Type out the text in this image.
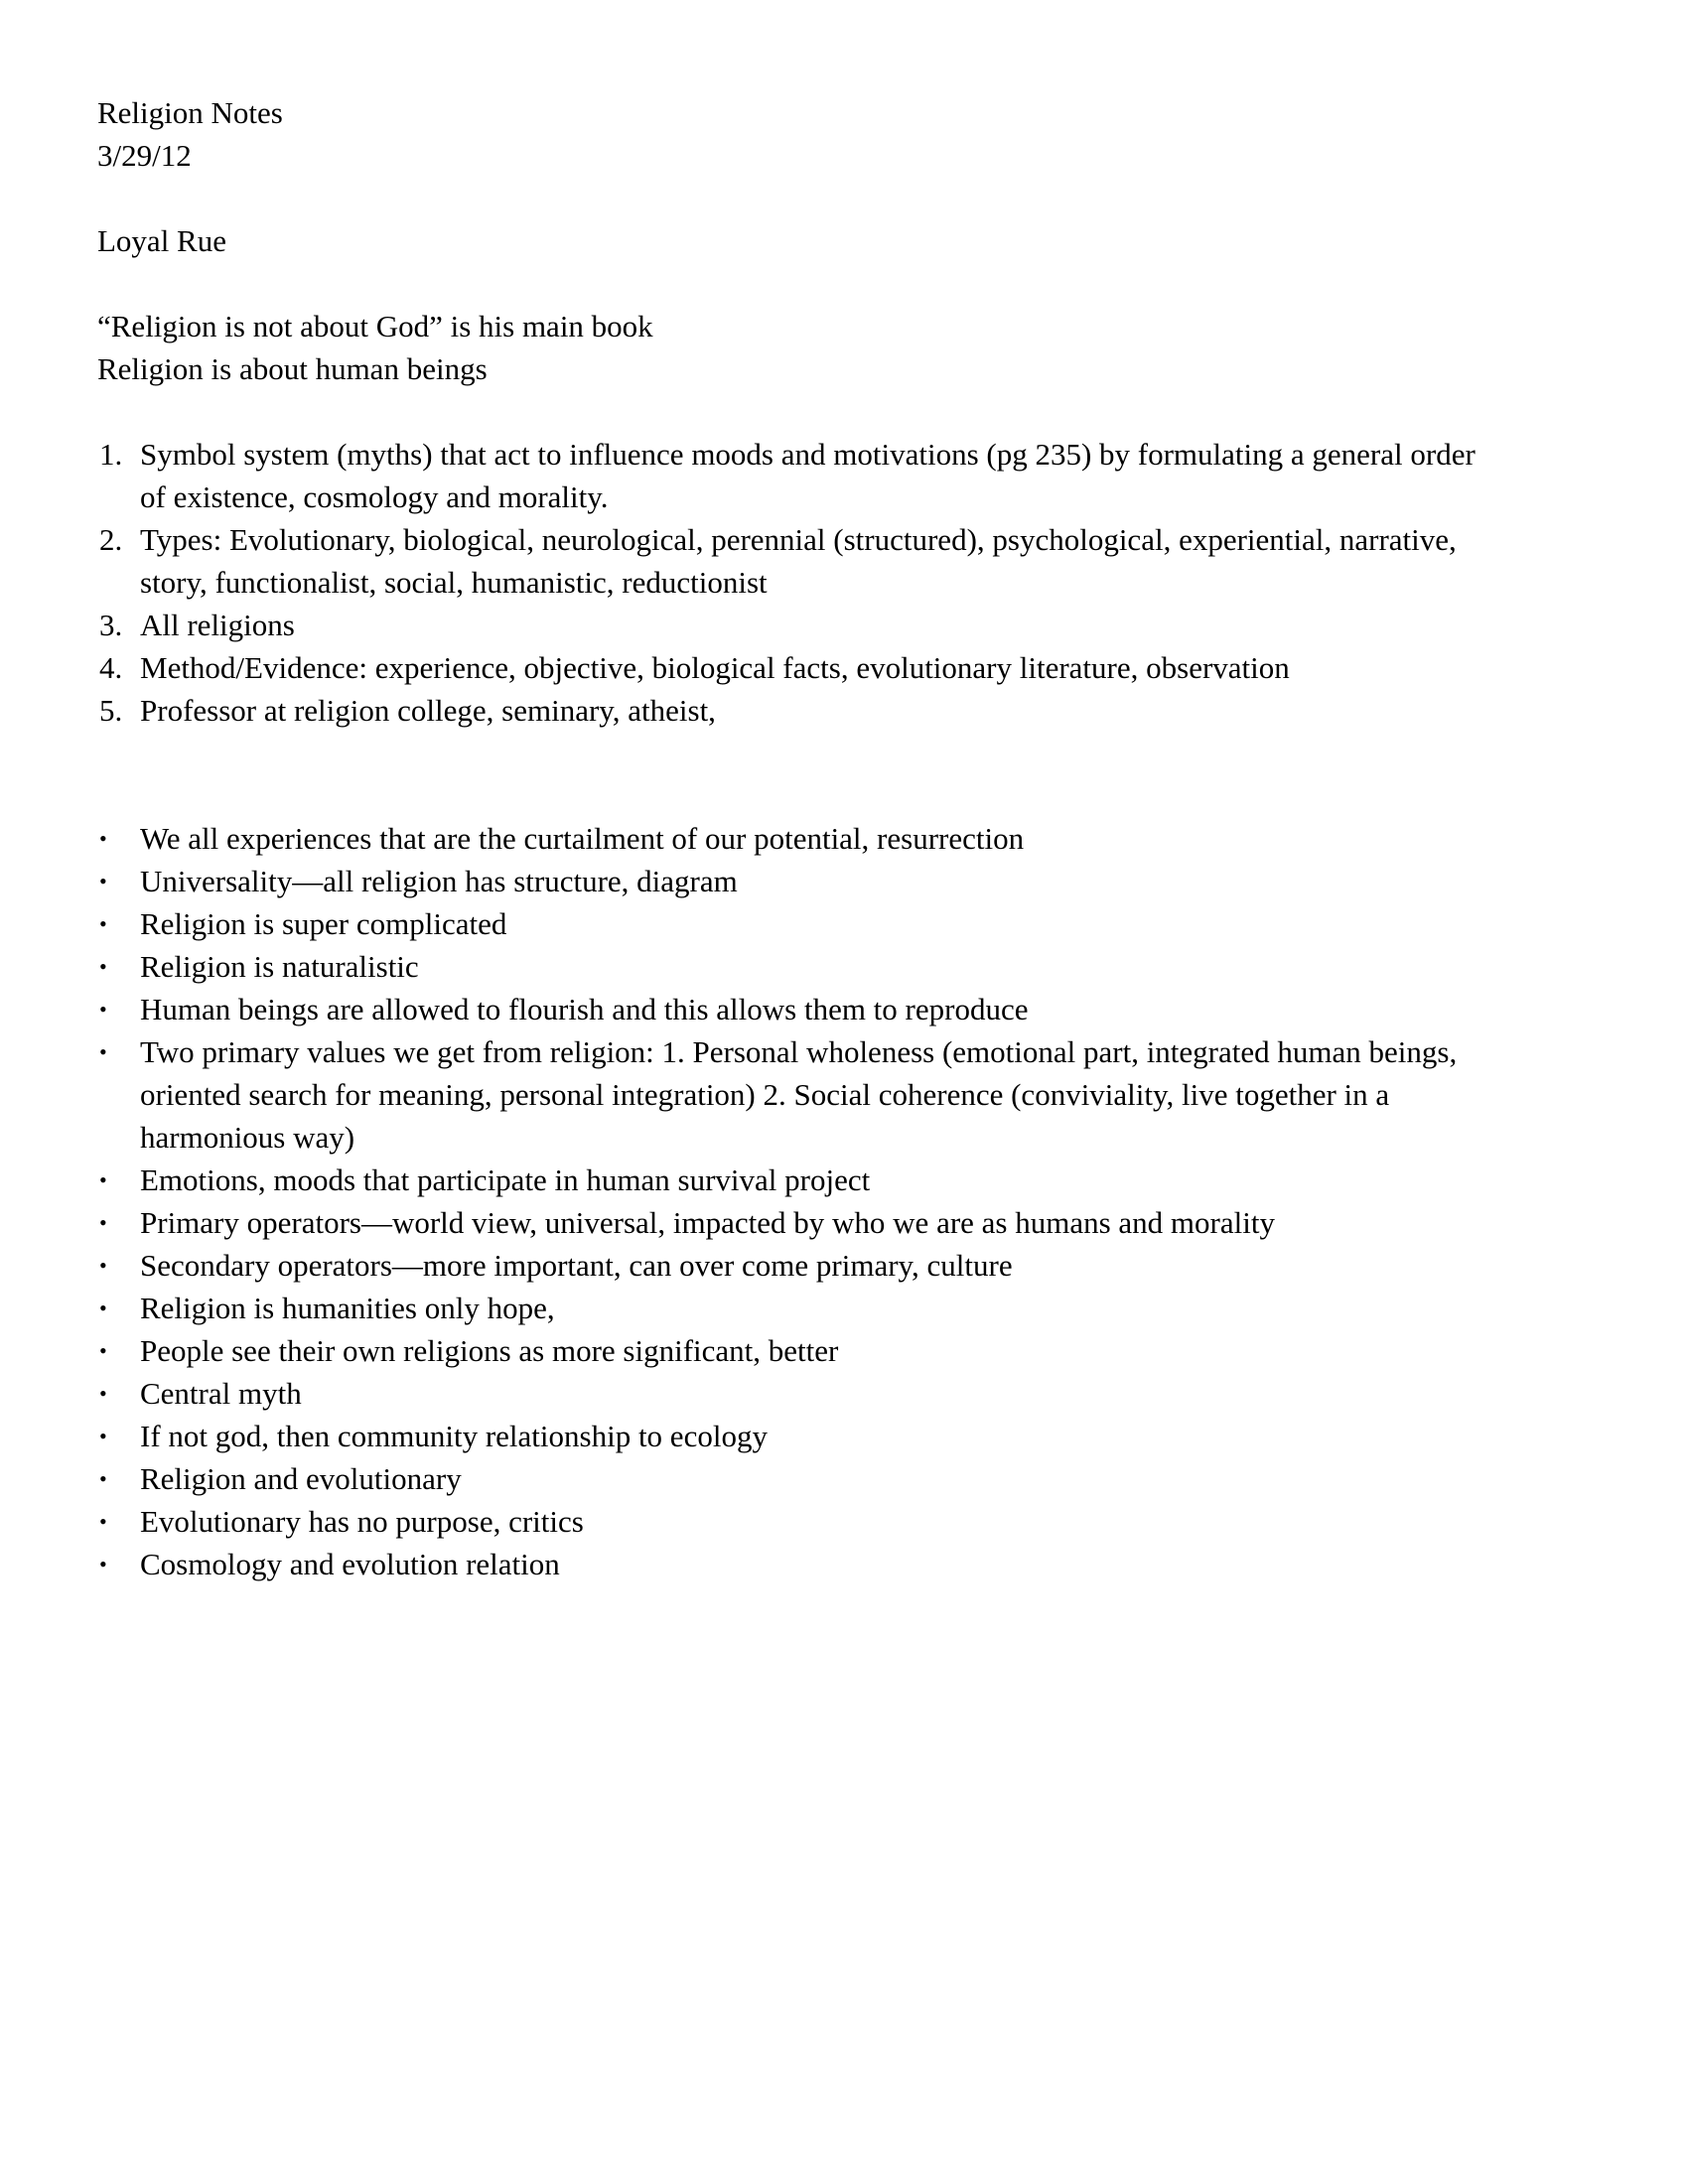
Religion Notes
3/29/12
Loyal Rue
“Religion is not about God” is his main book
Religion is about human beings
1. Symbol system (myths) that act to influence moods and motivations (pg 235) by formulating a general order of existence, cosmology and morality.
2. Types: Evolutionary, biological, neurological, perennial (structured), psychological, experiential, narrative, story, functionalist, social, humanistic, reductionist
3. All religions
4. Method/Evidence: experience, objective, biological facts, evolutionary literature, observation
5. Professor at religion college, seminary, atheist,
•	We all experiences that are the curtailment of our potential, resurrection
•	Universality—all religion has structure, diagram
•	Religion is super complicated
•	Religion is naturalistic
•	Human beings are allowed to flourish and this allows them to reproduce
•	Two primary values we get from religion: 1. Personal wholeness (emotional part, integrated human beings, oriented search for meaning, personal integration) 2. Social coherence (conviviality, live together in a harmonious way)
•	Emotions, moods that participate in human survival project
•	Primary operators—world view, universal, impacted by who we are as humans and morality
•	Secondary operators—more important, can over come primary, culture
•	Religion is humanities only hope,
•	People see their own religions as more significant, better
•	Central myth
•	If not god, then community relationship to ecology
•	Religion and evolutionary
•	Evolutionary has no purpose, critics
•	Cosmology and evolution relation
